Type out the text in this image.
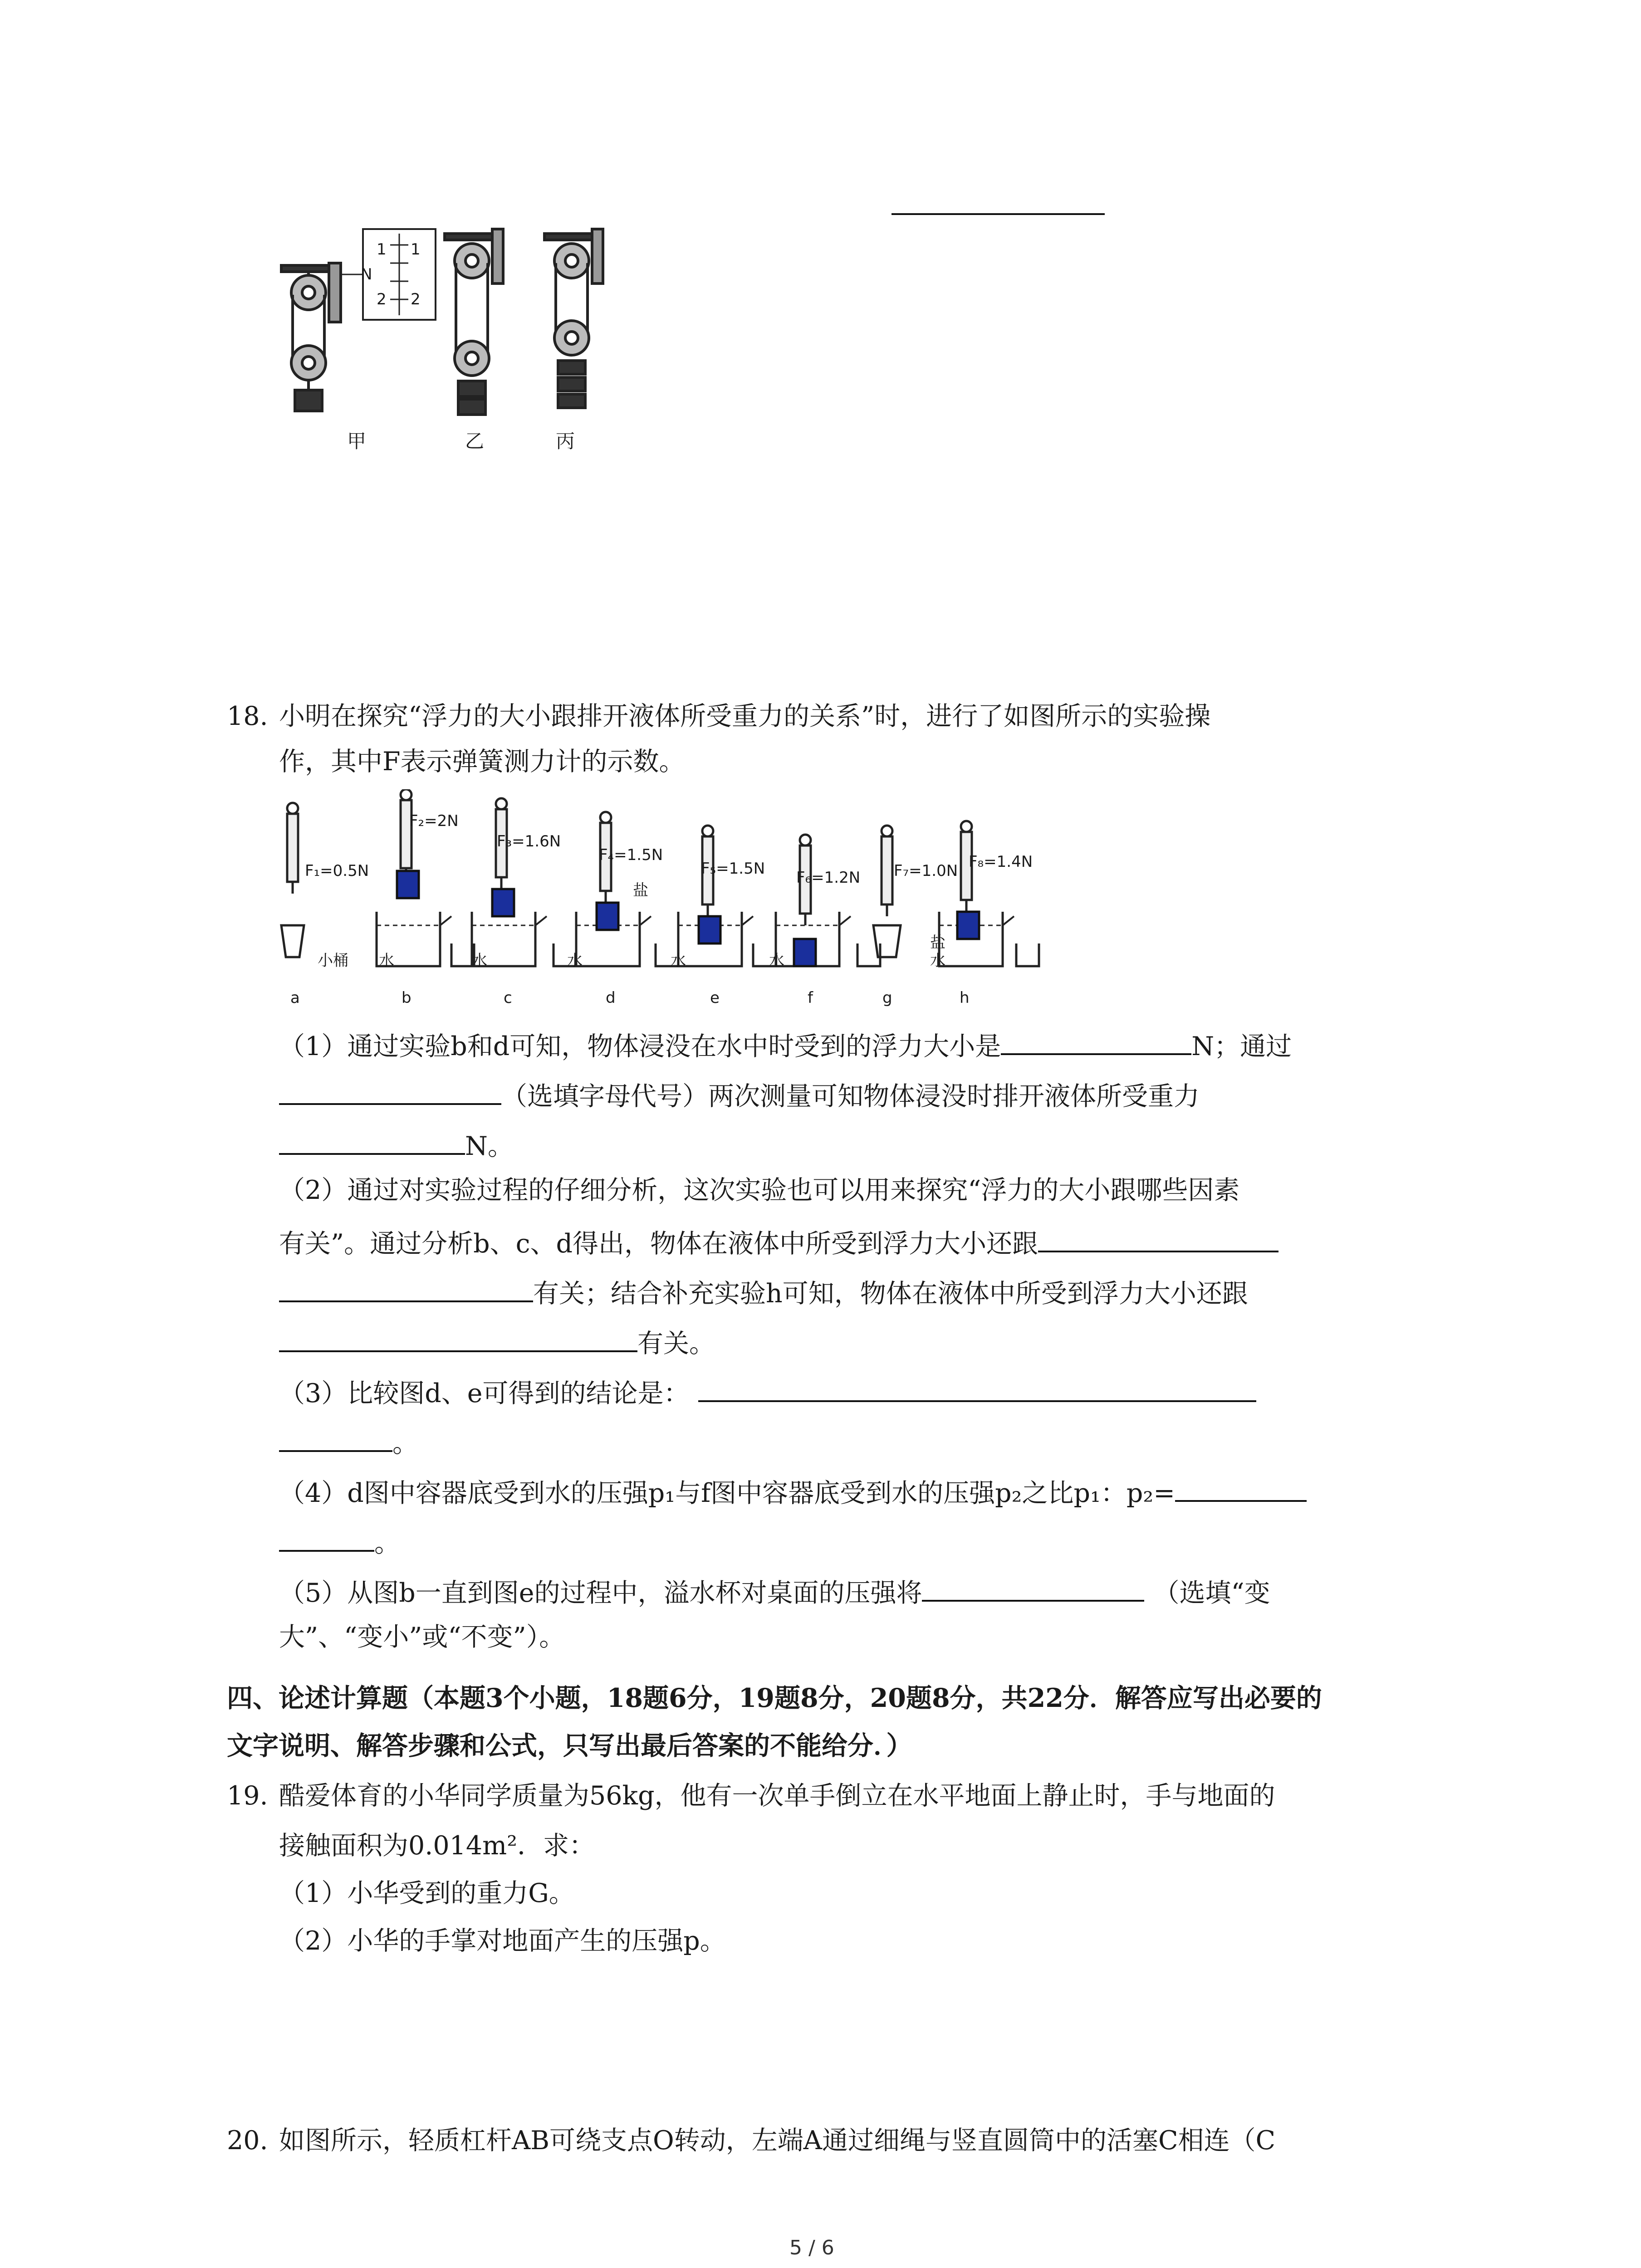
1 1
N
2 2
甲	乙	丙
18. 小明在探究“浮力的大小跟排开液体所受重力的关系”时，进行了如图所示的实验操
作，其中F表示弹簧测力计的示数。
F₁=0.5N
F₂=2N
F₃=1.6N
F₄=1.5N
F₅=1.5N F₆=1.2N F₇=1.0N F₈=1.4N
盐
盐
小桶 水	水	水	水	水	水
a	b	c	d	e	f	g	h
（1）通过实验b和d可知，物体浸没在水中时受到的浮力大小是	N；通过
（选填字母代号）两次测量可知物体浸没时排开液体所受重力
N。
（2）通过对实验过程的仔细分析，这次实验也可以用来探究“浮力的大小跟哪些因素
有关”。通过分析b、c、d得出，物体在液体中所受到浮力大小还跟
有关；结合补充实验h可知，物体在液体中所受到浮力大小还跟
有关。
（3）比较图d、e可得到的结论是：
。
（4）d图中容器底受到水的压强p₁与f图中容器底受到水的压强p₂之比p₁：p₂=
。
（5）从图b一直到图e的过程中，溢水杯对桌面的压强将	（选填“变
大”、“变小”或“不变”）。
四、论述计算题（本题3个小题，18题6分，19题8分，20题8分，共22分．解答应写出必要的
文字说明、解答步骤和公式，只写出最后答案的不能给分．）
19. 酷爱体育的小华同学质量为56kg，他有一次单手倒立在水平地面上静止时，手与地面的
接触面积为0.014m²．求：
（1）小华受到的重力G。
（2）小华的手掌对地面产生的压强p。
20. 如图所示，轻质杠杆AB可绕支点O转动，左端A通过细绳与竖直圆筒中的活塞C相连（C
5 / 6
